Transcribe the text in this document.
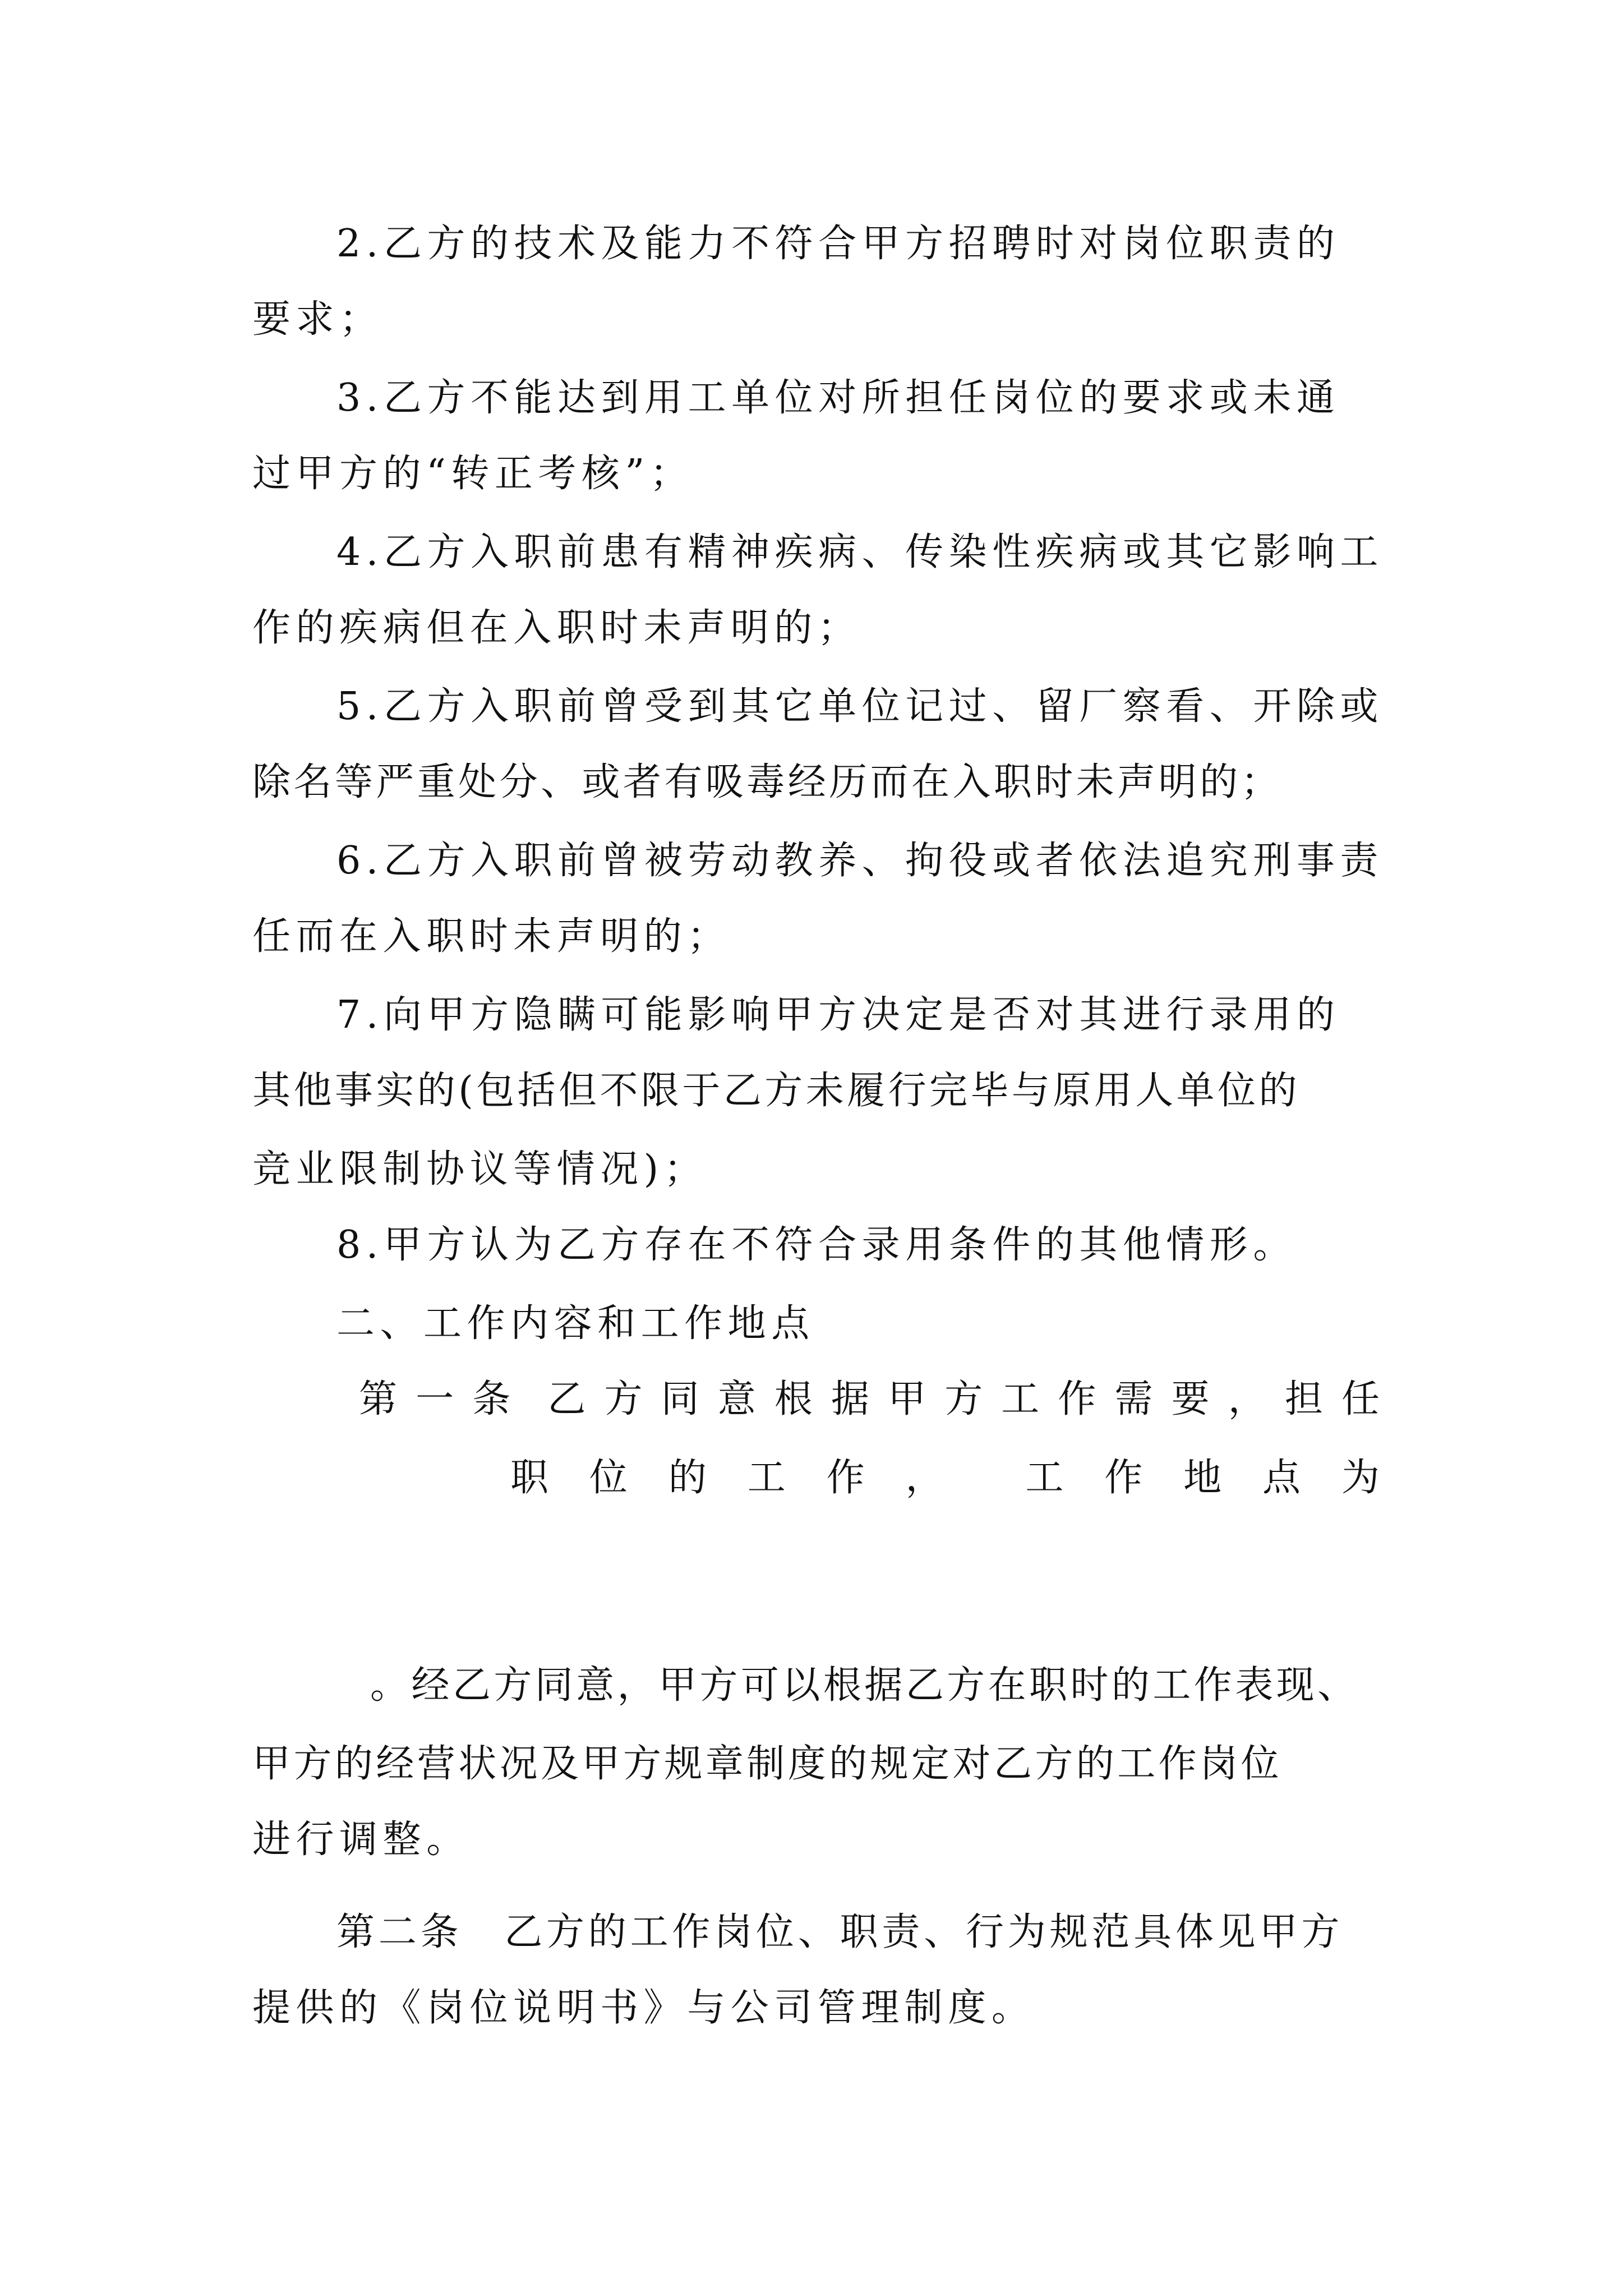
2.乙方的技术及能力不符合甲方招聘时对岗位职责的
要求；
3.乙方不能达到用工单位对所担任岗位的要求或未通
过甲方的“转正考核”；
4.乙方入职前患有精神疾病、传染性疾病或其它影响工
作的疾病但在入职时未声明的；
5.乙方入职前曾受到其它单位记过、留厂察看、开除或
除名等严重处分、或者有吸毒经历而在入职时未声明的；
6.乙方入职前曾被劳动教养、拘役或者依法追究刑事责
任而在入职时未声明的；
7.向甲方隐瞒可能影响甲方决定是否对其进行录用的
其他事实的(包括但不限于乙方未履行完毕与原用人单位的
竞业限制协议等情况)；
8.甲方认为乙方存在不符合录用条件的其他情形。
二、工作内容和工作地点
第 一 条 乙 方 同 意 根 据 甲 方 工 作 需 要 ， 担 任
职 位 的 工 作 ， 工 作 地 点 为
。经乙方同意，甲方可以根据乙方在职时的工作表现、
甲方的经营状况及甲方规章制度的规定对乙方的工作岗位
进行调整。
第二条　乙方的工作岗位、职责、行为规范具体见甲方
提供的《岗位说明书》与公司管理制度。
